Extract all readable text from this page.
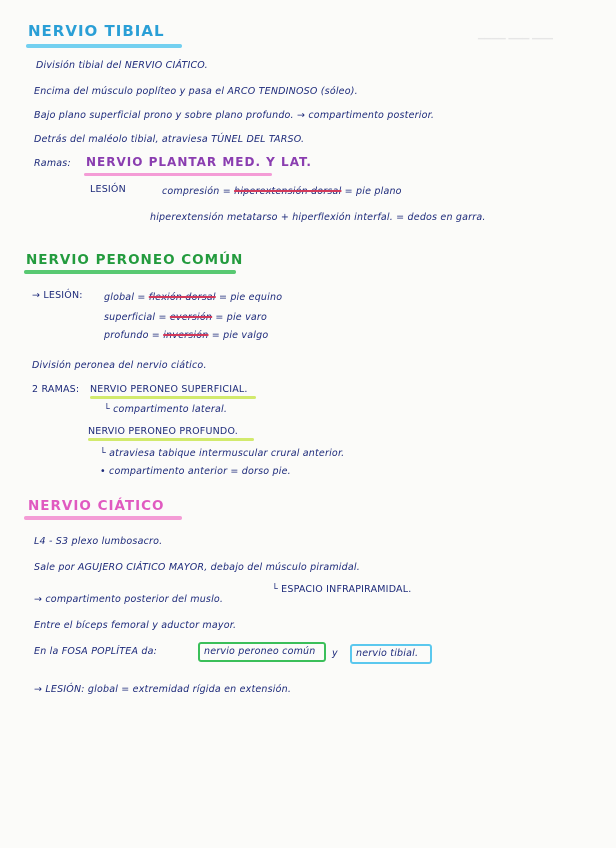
▁▁▁▁ ▁▁▁ ▁▁▁
NERVIO TIBIAL
División tibial del NERVIO CIÁTICO.
Encima del músculo poplíteo y pasa el ARCO TENDINOSO (sóleo).
Bajo plano superficial prono y sobre plano profundo. → compartimento posterior.
Detrás del maléolo tibial, atraviesa TÚNEL DEL TARSO.
Ramas: NERVIO PLANTAR MED. Y LAT.
LESIÓN	compresión = hiperextensión dorsal = pie plano
hiperextensión metatarso + hiperflexión interfal. = dedos en garra.
NERVIO PERONEO COMÚN
→ LESIÓN: global = flexión dorsal = pie equino
superficial = eversión = pie varo
profundo = inversión = pie valgo
División peronea del nervio ciático.
2 RAMAS: NERVIO PERONEO SUPERFICIAL.
└ compartimento lateral.
NERVIO PERONEO PROFUNDO.
└ atraviesa tabique intermuscular crural anterior.
• compartimento anterior = dorso pie.
NERVIO CIÁTICO
L4 - S3 plexo lumbosacro.
Sale por AGUJERO CIÁTICO MAYOR, debajo del músculo piramidal.
└ ESPACIO INFRAPIRAMIDAL.
→ compartimento posterior del muslo.
Entre el bíceps femoral y aductor mayor.
En la FOSA POPLÍTEA da:	nervio peroneo común y nervio tibial.
→ LESIÓN: global = extremidad rígida en extensión.
